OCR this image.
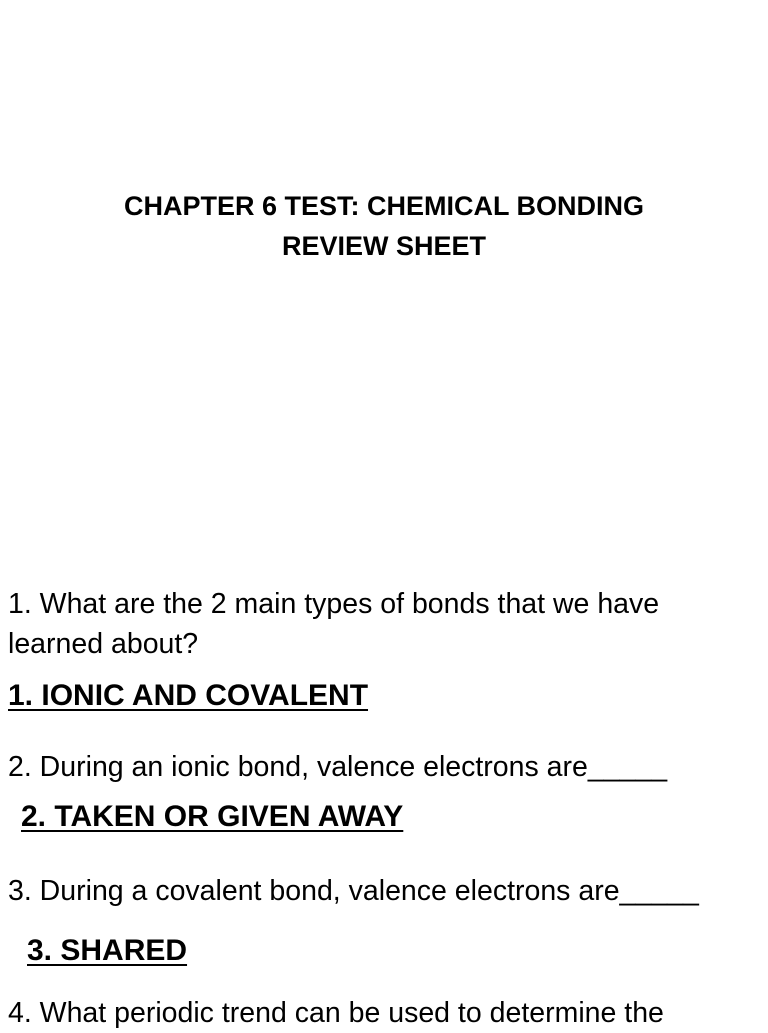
CHAPTER 6 TEST: CHEMICAL BONDING
REVIEW SHEET
1. What are the 2 main types of bonds that we have
learned about?
1. IONIC AND COVALENT
2. During an ionic bond, valence electrons are_____
2. TAKEN OR GIVEN AWAY
3. During a covalent bond, valence electrons are_____
3. SHARED
4. What periodic trend can be used to determine the
